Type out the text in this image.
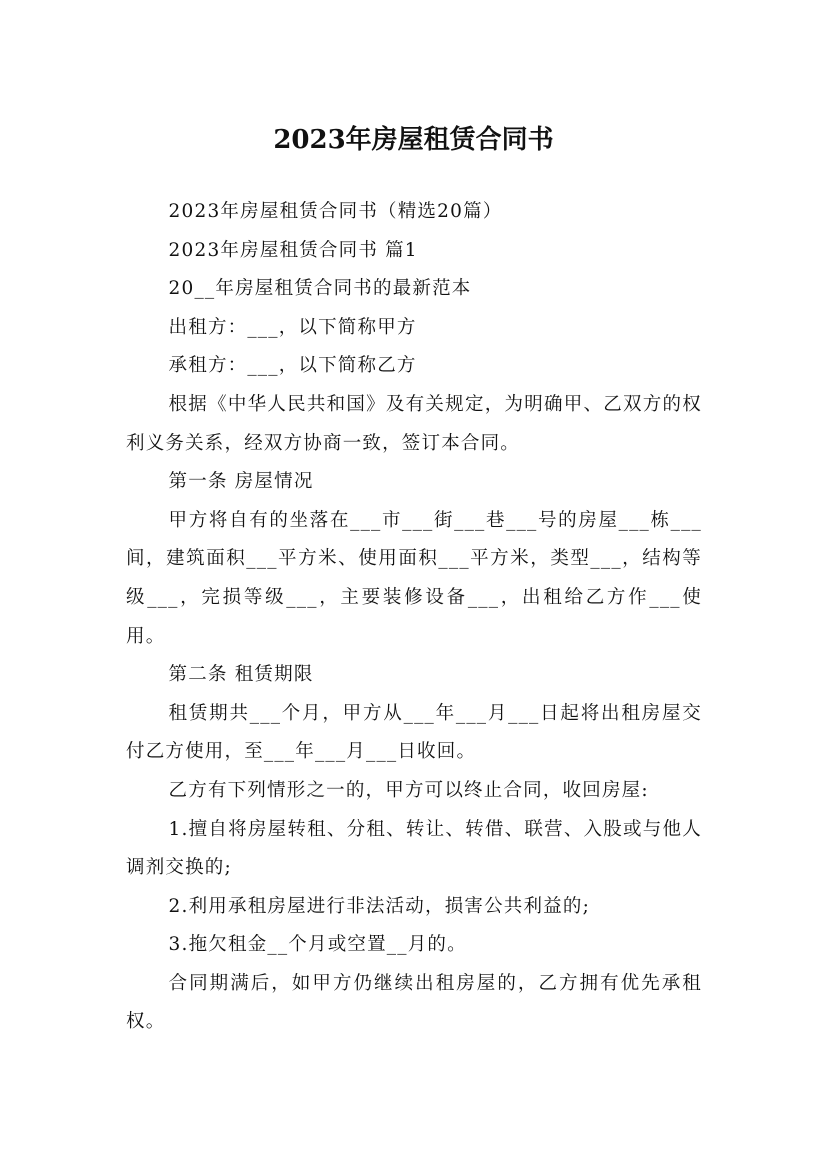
2023年房屋租赁合同书

2023年房屋租赁合同书（精选20篇）

2023年房屋租赁合同书 篇1

20__年房屋租赁合同书的最新范本

出租方：___，以下简称甲方

承租方：___，以下简称乙方

根据《中华人民共和国》及有关规定，为明确甲、乙双方的权利义务关系，经双方协商一致，签订本合同。

第一条 房屋情况

甲方将自有的坐落在___市___街___巷___号的房屋___栋___间，建筑面积___平方米、使用面积___平方米，类型___，结构等级___，完损等级___，主要装修设备___，出租给乙方作___使用。

第二条 租赁期限

租赁期共___个月，甲方从___年___月___日起将出租房屋交付乙方使用，至___年___月___日收回。

乙方有下列情形之一的，甲方可以终止合同，收回房屋:

1.擅自将房屋转租、分租、转让、转借、联营、入股或与他人调剂交换的;

2.利用承租房屋进行非法活动，损害公共利益的;

3.拖欠租金__个月或空置__月的。

合同期满后，如甲方仍继续出租房屋的，乙方拥有优先承租权。
